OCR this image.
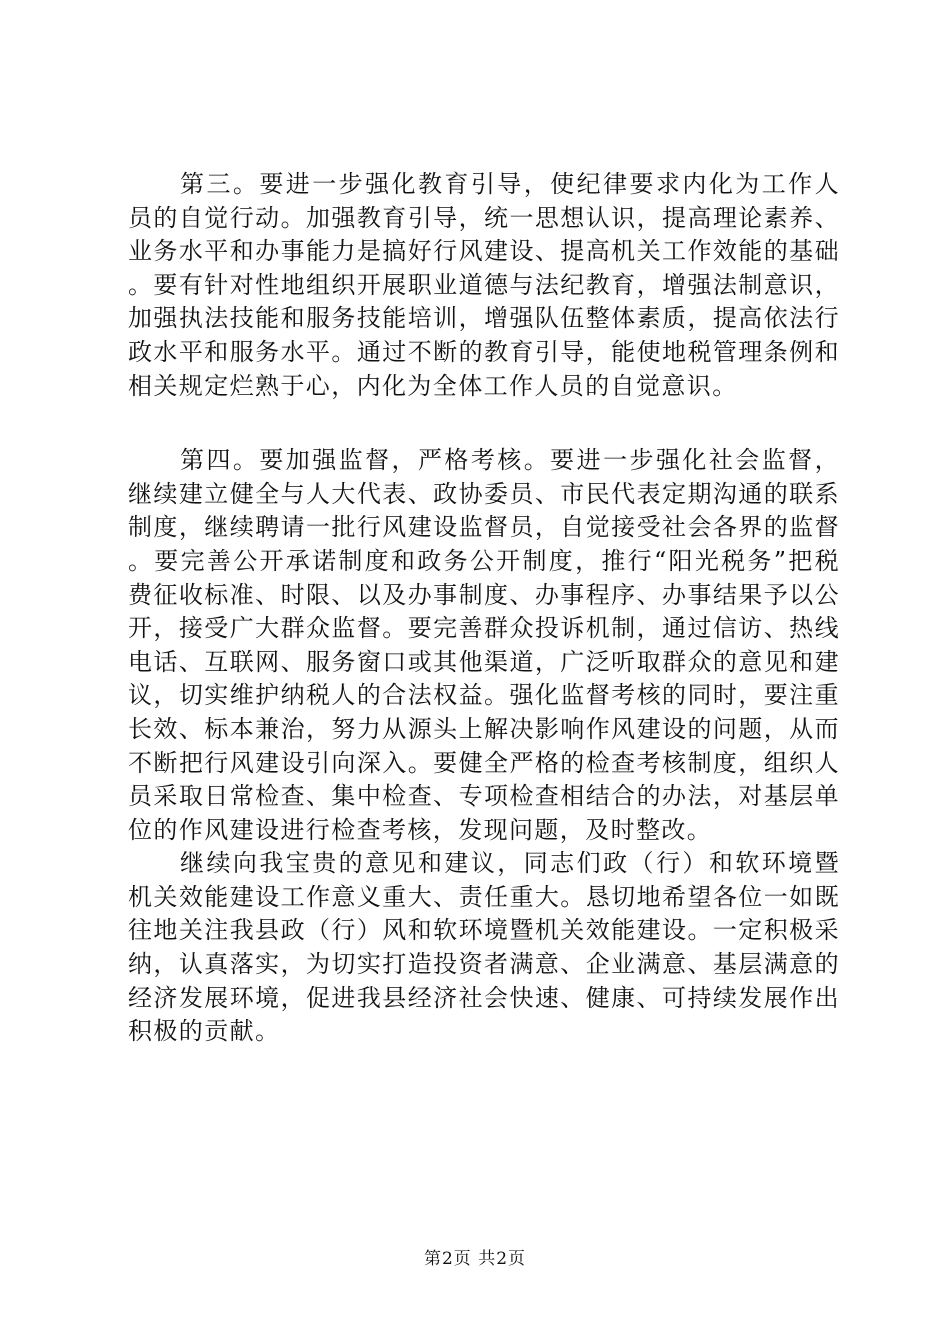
第三。要进一步强化教育引导，使纪律要求内化为工作人员的自觉行动。加强教育引导，统一思想认识，提高理论素养、业务水平和办事能力是搞好行风建设、提高机关工作效能的基础。要有针对性地组织开展职业道德与法纪教育，增强法制意识，加强执法技能和服务技能培训，增强队伍整体素质，提高依法行政水平和服务水平。通过不断的教育引导，能使地税管理条例和相关规定烂熟于心，内化为全体工作人员的自觉意识。

第四。要加强监督，严格考核。要进一步强化社会监督，继续建立健全与人大代表、政协委员、市民代表定期沟通的联系制度，继续聘请一批行风建设监督员，自觉接受社会各界的监督。要完善公开承诺制度和政务公开制度，推行“阳光税务”把税费征收标准、时限、以及办事制度、办事程序、办事结果予以公开，接受广大群众监督。要完善群众投诉机制，通过信访、热线电话、互联网、服务窗口或其他渠道，广泛听取群众的意见和建议，切实维护纳税人的合法权益。强化监督考核的同时，要注重长效、标本兼治，努力从源头上解决影响作风建设的问题，从而不断把行风建设引向深入。要健全严格的检查考核制度，组织人员采取日常检查、集中检查、专项检查相结合的办法，对基层单位的作风建设进行检查考核，发现问题，及时整改。

继续向我宝贵的意见和建议，同志们政（行）和软环境暨机关效能建设工作意义重大、责任重大。恳切地希望各位一如既往地关注我县政（行）风和软环境暨机关效能建设。一定积极采纳，认真落实，为切实打造投资者满意、企业满意、基层满意的经济发展环境，促进我县经济社会快速、健康、可持续发展作出积极的贡献。

第2页 共2页
